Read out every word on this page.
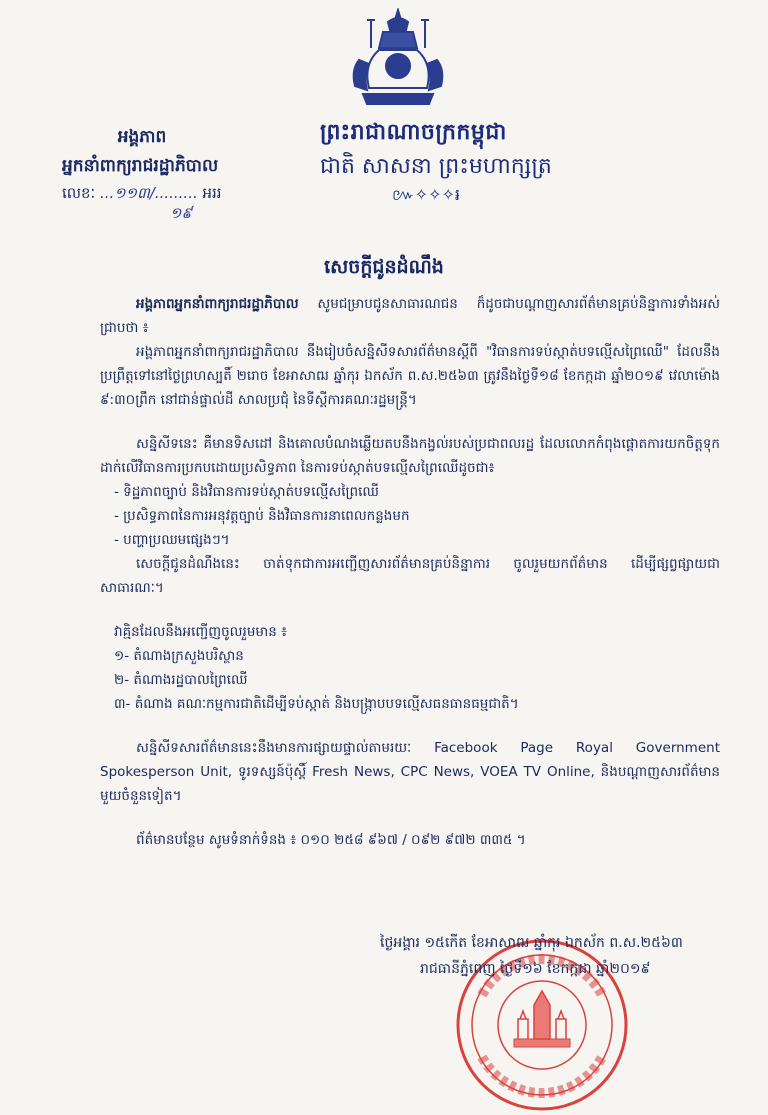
ព្រះរាជាណាចក្រកម្ពុជា
ជាតិ សាសនា ព្រះមហាក្សត្រ
៚✧✧✧៛
អង្គភាព
អ្នកនាំពាក្យរាជរដ្ឋាភិបាល
លេខៈ ...១១៣/......... អររ
១៩
សេចក្តីជូនដំណឹង
អង្គភាពអ្នកនាំពាក្យរាជរដ្ឋាភិបាល សូមជម្រាបជូនសាធារណជន ក៏ដូចជាបណ្ដាញសារព័ត៌មានគ្រប់និន្នាការទាំងអស់ជ្រាបថា ៖
អង្គភាពអ្នកនាំពាក្យរាជរដ្ឋាភិបាល នឹងរៀបចំសន្និសីទសារព័ត៌មានស្តីពី "វិធានការទប់ស្កាត់បទល្មើសព្រៃឈើ" ដែលនឹងប្រព្រឹត្តទៅនៅថ្ងៃព្រហស្បតិ៍ ២រោច ខែអាសាឍ ឆ្នាំកុរ ឯកស័ក ព.ស.២៥៦៣ ត្រូវនឹងថ្ងៃទី១៨ ខែកក្កដា ឆ្នាំ២០១៩ វេលាម៉ោង ៩:៣០ព្រឹក នៅជាន់ផ្ទាល់ដី សាលប្រជុំ នៃទីស្តីការគណៈរដ្ឋមន្ត្រី។
សន្និសីទនេះ គឺមានទិសដៅ និងគោលបំណងឆ្លើយតបនឹងកង្វល់របស់ប្រជាពលរដ្ឋ ដែលលោកកំពុងផ្តោតការយកចិត្តទុកដាក់លើវិធានការប្រកបដោយប្រសិទ្ធភាព នៃការទប់ស្កាត់បទល្មើសព្រៃឈើដូចជា៖
- ទិដ្ឋភាពច្បាប់ និងវិធានការទប់ស្កាត់បទល្មើសព្រៃឈើ
- ប្រសិទ្ធភាពនៃការអនុវត្តច្បាប់ និងវិធានការនាពេលកន្លងមក
- បញ្ហាប្រឈមផ្សេងៗ។
សេចក្តីជូនដំណឹងនេះ ចាត់ទុកជាការអញ្ជើញសារព័ត៌មានគ្រប់និន្នាការ ចូលរួមយកព័ត៌មាន ដើម្បីផ្សព្វផ្សាយជាសាធារណៈ។
វាគ្មិនដែលនឹងអញ្ជើញចូលរួមមាន ៖
១- តំណាងក្រសួងបរិស្ថាន
២- តំណាងរដ្ឋបាលព្រៃឈើ
៣- តំណាង គណៈកម្មការជាតិដើម្បីទប់ស្កាត់ និងបង្ក្រាបបទល្មើសធនធានធម្មជាតិ។
សន្និសីទសារព័ត៌មាននេះនឹងមានការផ្សាយផ្ទាល់តាមរយៈ Facebook Page Royal Government Spokesperson Unit, ទូរទស្សន៍ប៉ុស្តិ៍ Fresh News, CPC News, VOEA TV Online, និងបណ្តាញសារព័ត៌មានមួយចំនួនទៀត។
ព័ត៌មានបន្ថែម សូមទំនាក់ទំនង ៖ ០១០ ២៥៨ ៩៦៧ / ០៩២ ៩៧២ ៣៣៥ ។
ថ្ងៃអង្គារ ១៥កើត ខែអាសាឍ ឆ្នាំកុរ ឯកស័ក ព.ស.២៥៦៣
រាជធានីភ្នំពេញ ថ្ងៃទី១៦ ខែកក្កដា ឆ្នាំ២០១៩
